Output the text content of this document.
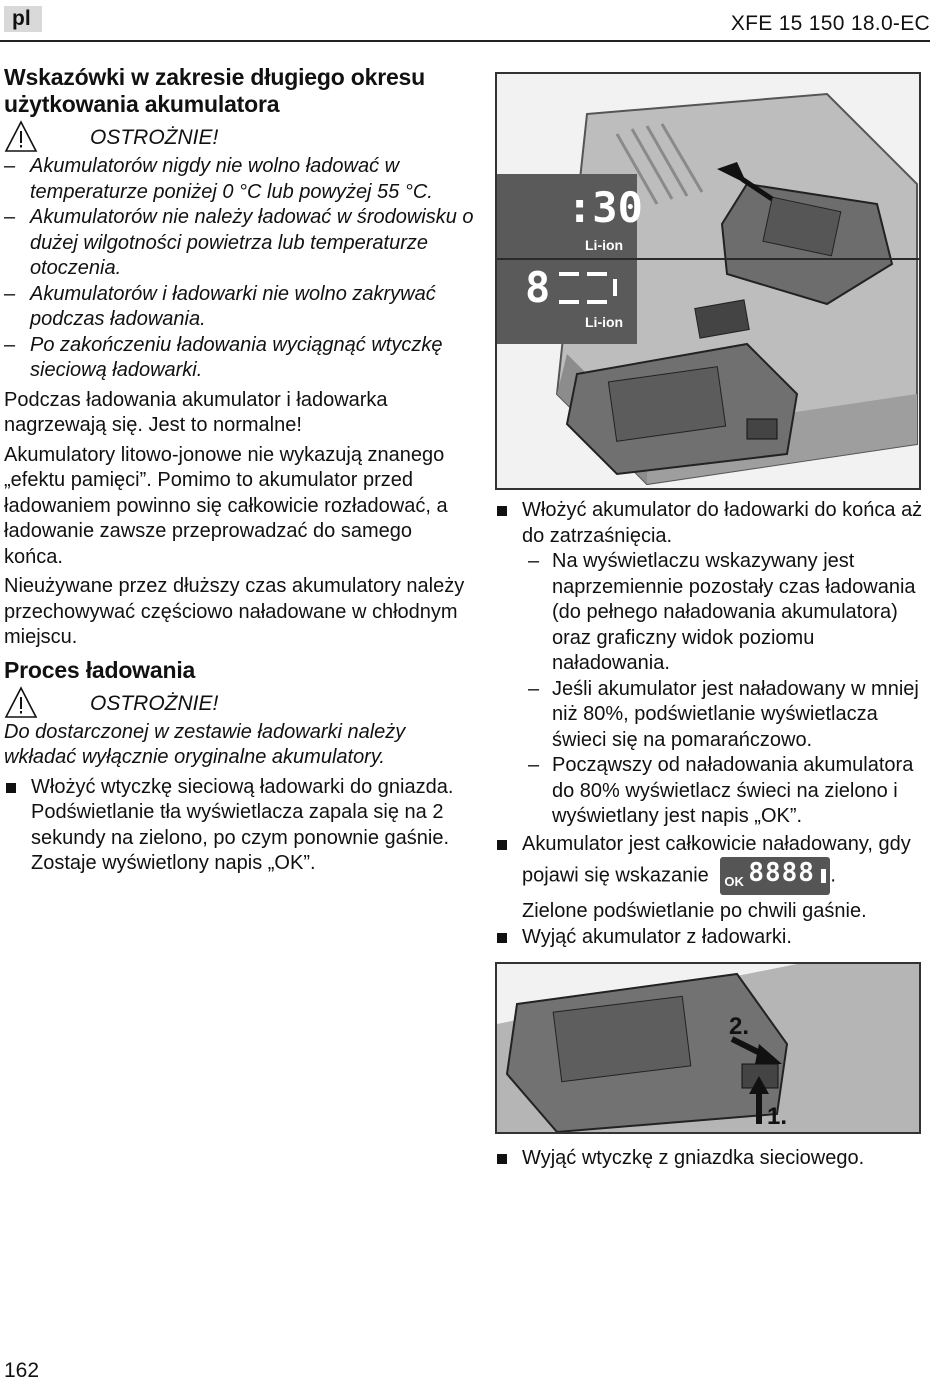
pl	XFE 15 150 18.0-EC
Wskazówki w zakresie długiego okresu użytkowania akumulatora
OSTROŻNIE!
– Akumulatorów nigdy nie wolno ładować w temperaturze poniżej 0 °C lub powyżej 55 °C.
– Akumulatorów nie należy ładować w środowisku o dużej wilgotności powietrza lub temperaturze otoczenia.
– Akumulatorów i ładowarki nie wolno zakrywać podczas ładowania.
– Po zakończeniu ładowania wyciągnąć wtyczkę sieciową ładowarki.

Podczas ładowania akumulator i ładowarka nagrzewają się. Jest to normalne!

Akumulatory litowo-jonowe nie wykazują znanego „efektu pamięci”. Pomimo to akumulator przed ładowaniem powinno się całkowicie rozładować, a ładowanie zawsze przeprowadzać do samego końca.

Nieużywane przez dłuższy czas akumulatory należy przechowywać częściowo naładowane w chłodnym miejscu.

Proces ładowania
OSTROŻNIE!

Do dostarczonej w zestawie ładowarki należy wkładać wyłącznie oryginalne akumulatory.

Włożyć wtyczkę sieciową ładowarki do gniazda.
Podświetlanie tła wyświetlacza zapala się na 2 sekundy na zielono, po czym ponownie gaśnie. Zostaje wyświetlony napis „OK”.
:30
Li-ion
8
Li-ion
Włożyć akumulator do ładowarki do końca aż do zatrzaśnięcia.
– Na wyświetlaczu wskazywany jest naprzemiennie pozostały czas ładowania (do pełnego naładowania akumulatora) oraz graficzny widok poziomu naładowania.
– Jeśli akumulator jest naładowany w mniej niż 80%, podświetlanie wyświetlacza świeci się na pomarańczowo.
– Począwszy od naładowania akumulatora do 80% wyświetlacz świeci na zielono i wyświetlany jest napis „OK”.
Akumulator jest całkowicie naładowany, gdy pojawi się wskazanie OK 8888 .
Zielone podświetlanie po chwili gaśnie.
Wyjąć akumulator z ładowarki.
2.
1.
Wyjąć wtyczkę z gniazdka sieciowego.
162
